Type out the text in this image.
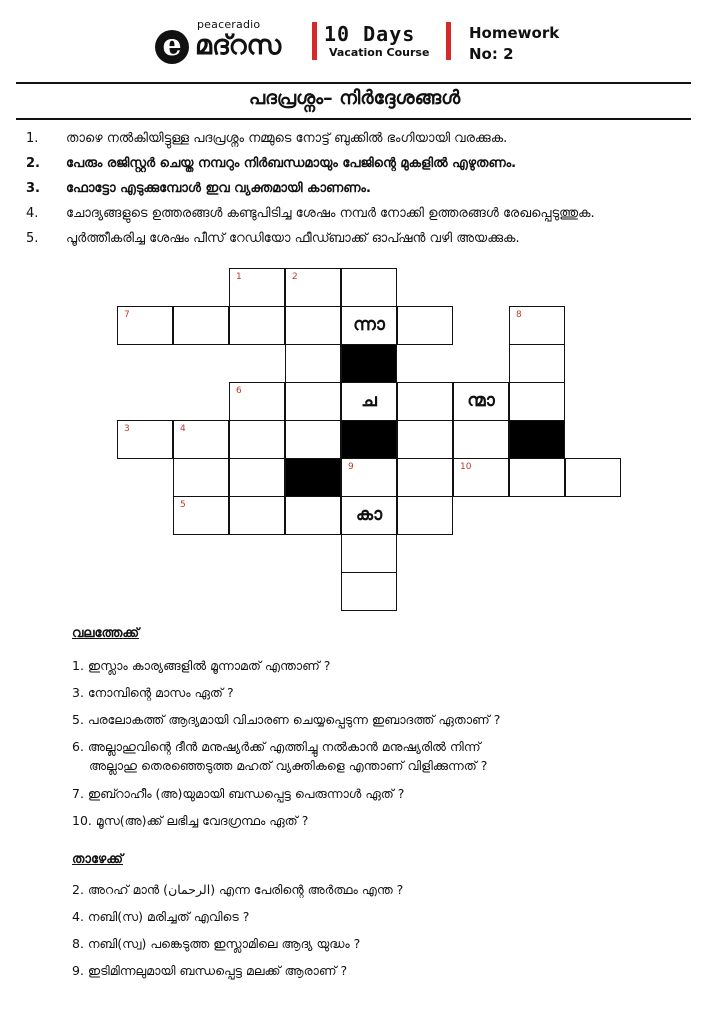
e
peaceradio
മദ്റസ 10 Days
Vacation Course
Homework
No: 2
പദപ്രശ്നം– നിർദ്ദേശങ്ങൾ
1. താഴെ നൽകിയിട്ടുള്ള പദപ്രശ്നം നമ്മുടെ നോട്ട് ബുക്കിൽ ഭംഗിയായി വരക്കുക.
2. പേരും രജിസ്റ്റർ ചെയ്ത നമ്പറും നിർബന്ധമായും പേജിന്റെ മുകളിൽ എഴുതണം.
3. ഫോട്ടോ എടുക്കുമ്പോൾ ഇവ വ്യക്തമായി കാണണം.
4. ചോദ്യങ്ങളുടെ ഉത്തരങ്ങൾ കണ്ടുപിടിച്ച ശേഷം നമ്പർ നോക്കി ഉത്തരങ്ങൾ രേഖപ്പെടുത്തുക.
5. പൂർത്തീകരിച്ച ശേഷം പീസ് റേഡിയോ ഫീഡ്ബാക്ക് ഓപ്ഷൻ വഴി അയക്കുക.
1	2
7	ന്നാ	8
6	ച	ന്മാ
3	4
9	10
5	കാ
വലത്തേക്ക്
1. ഇസ്ലാം കാര്യങ്ങളിൽ മൂന്നാമത് എന്താണ് ?
3. നോമ്പിന്റെ മാസം ഏത് ?
5. പരലോകത്ത് ആദ്യമായി വിചാരണ ചെയ്യപ്പെടുന്ന ഇബാദത്ത് ഏതാണ് ?
6. അല്ലാഹുവിന്റെ ദീൻ മനുഷ്യർക്ക് എത്തിച്ചു നൽകാൻ മനുഷ്യരിൽ നിന്ന്
അല്ലാഹു തെരഞ്ഞെടുത്ത മഹത് വ്യക്തികളെ എന്താണ് വിളിക്കുന്നത് ?
7. ഇബ്റാഹീം (അ)യുമായി ബന്ധപ്പെട്ട പെരുന്നാൾ ഏത് ?
10. മൂസ(അ)ക്ക് ലഭിച്ച വേദഗ്രന്ഥം ഏത് ?
താഴേക്ക്
2. അറഹ് മാൻ (الرحمان) എന്ന പേരിന്റെ അർത്ഥം എന്ത ?
4. നബി(സ) മരിച്ചത് എവിടെ ?
8. നബി(സ്വ) പങ്കെടുത്ത ഇസ്ലാമിലെ ആദ്യ യുദ്ധം ?
9. ഇടിമിന്നലുമായി ബന്ധപ്പെട്ട മലക്ക് ആരാണ് ?
